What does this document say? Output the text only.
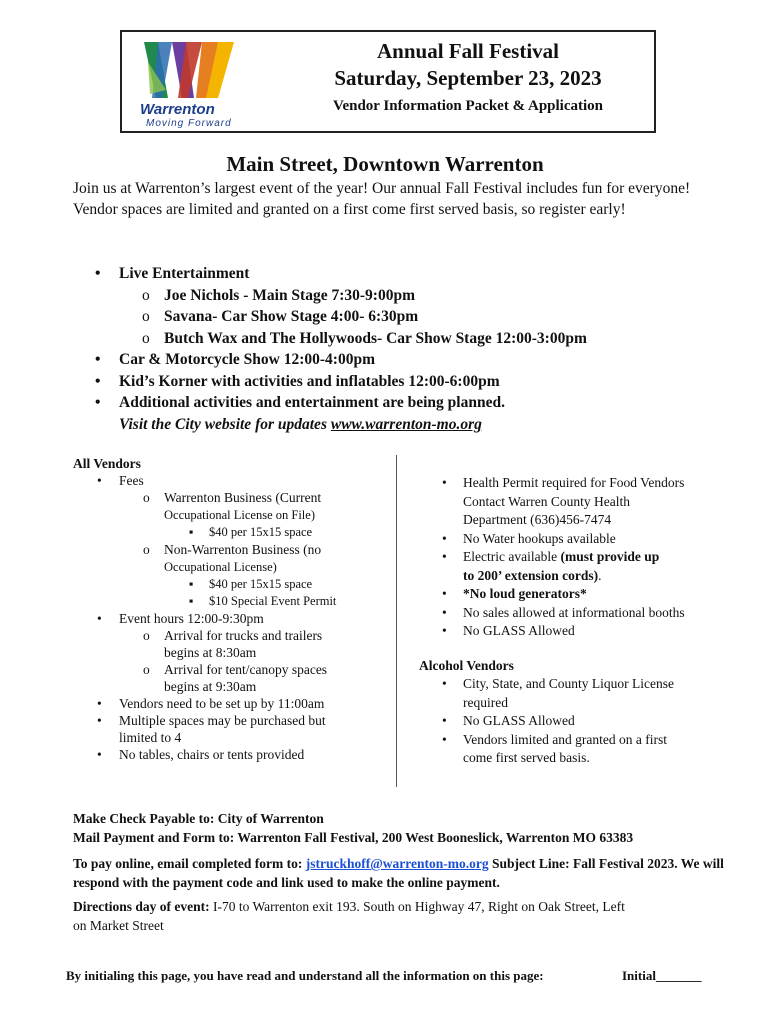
Warrenton
Moving Forward
Annual Fall Festival
Saturday, September 23, 2023
Vendor Information Packet & Application
Main Street, Downtown Warrenton
Join us at Warrenton’s largest event of the year! Our annual Fall Festival includes fun for everyone! Vendor spaces are limited and granted on a first come first served basis, so register early!
• Live Entertainment
o Joe Nichols - Main Stage 7:30-9:00pm
o Savana- Car Show Stage 4:00- 6:30pm
o Butch Wax and The Hollywoods- Car Show Stage 12:00-3:00pm
• Car & Motorcycle Show 12:00-4:00pm
• Kid’s Korner with activities and inflatables 12:00-6:00pm
• Additional activities and entertainment are being planned.
Visit the City website for updates www.warrenton-mo.org
All Vendors
• Fees
o Warrenton Business (Current
Occupational License on File)
▪ $40 per 15x15 space
o Non-Warrenton Business (no
Occupational License)
▪ $40 per 15x15 space
▪ $10 Special Event Permit
• Event hours 12:00-9:30pm
o Arrival for trucks and trailers
begins at 8:30am
o Arrival for tent/canopy spaces
begins at 9:30am
• Vendors need to be set up by 11:00am
• Multiple spaces may be purchased but
limited to 4
• No tables, chairs or tents provided
• Health Permit required for Food Vendors
Contact Warren County Health
Department (636)456-7474
• No Water hookups available
• Electric available (must provide up
to 200’ extension cords).
• *No loud generators*
• No sales allowed at informational booths
• No GLASS Allowed
Alcohol Vendors
• City, State, and County Liquor License
required
• No GLASS Allowed
• Vendors limited and granted on a first
come first served basis.
Make Check Payable to: City of Warrenton
Mail Payment and Form to: Warrenton Fall Festival, 200 West Booneslick, Warrenton MO 63383
To pay online, email completed form to: jstruckhoff@warrenton-mo.org Subject Line: Fall Festival 2023. We will respond with the payment code and link used to make the online payment.
Directions day of event: I-70 to Warrenton exit 193. South on Highway 47, Right on Oak Street, Left on Market Street
By initialing this page, you have read and understand all the information on this page:	Initial_______
